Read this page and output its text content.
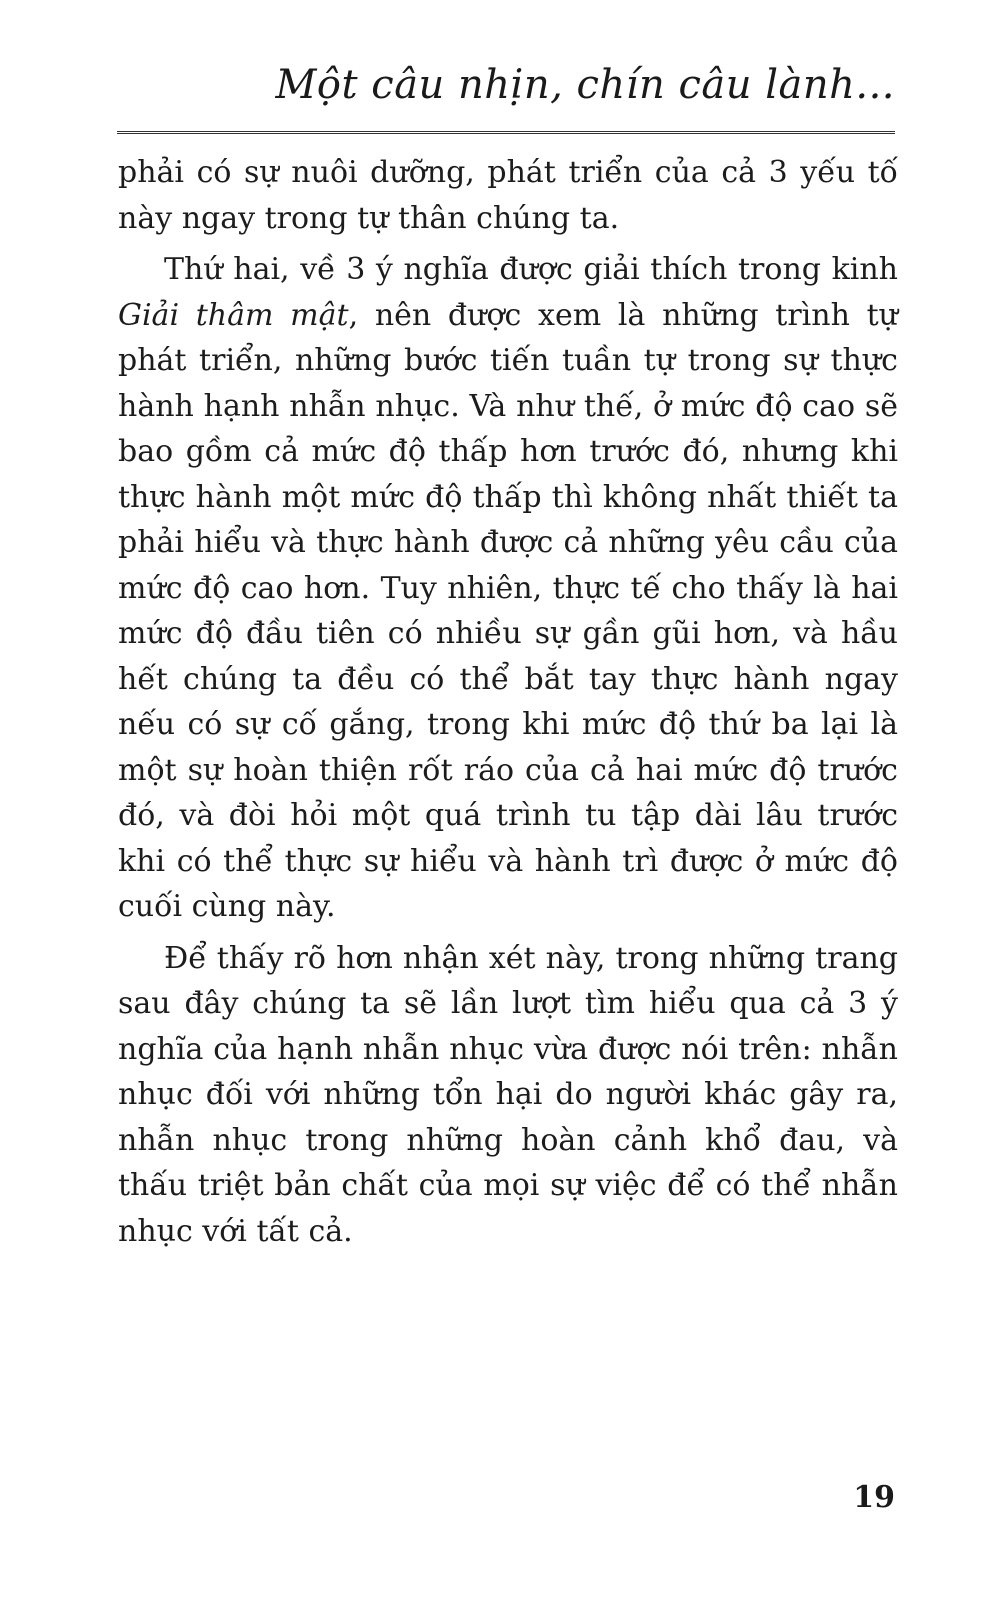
Một câu nhịn, chín câu lành...

phải có sự nuôi dưỡng, phát triển của cả 3 yếu tố này ngay trong tự thân chúng ta.

Thứ hai, về 3 ý nghĩa được giải thích trong kinh Giải thâm mật, nên được xem là những trình tự phát triển, những bước tiến tuần tự trong sự thực hành hạnh nhẫn nhục. Và như thế, ở mức độ cao sẽ bao gồm cả mức độ thấp hơn trước đó, nhưng khi thực hành một mức độ thấp thì không nhất thiết ta phải hiểu và thực hành được cả những yêu cầu của mức độ cao hơn. Tuy nhiên, thực tế cho thấy là hai mức độ đầu tiên có nhiều sự gần gũi hơn, và hầu hết chúng ta đều có thể bắt tay thực hành ngay nếu có sự cố gắng, trong khi mức độ thứ ba lại là một sự hoàn thiện rốt ráo của cả hai mức độ trước đó, và đòi hỏi một quá trình tu tập dài lâu trước khi có thể thực sự hiểu và hành trì được ở mức độ cuối cùng này.

Để thấy rõ hơn nhận xét này, trong những trang sau đây chúng ta sẽ lần lượt tìm hiểu qua cả 3 ý nghĩa của hạnh nhẫn nhục vừa được nói trên: nhẫn nhục đối với những tổn hại do người khác gây ra, nhẫn nhục trong những hoàn cảnh khổ đau, và thấu triệt bản chất của mọi sự việc để có thể nhẫn nhục với tất cả.

19
